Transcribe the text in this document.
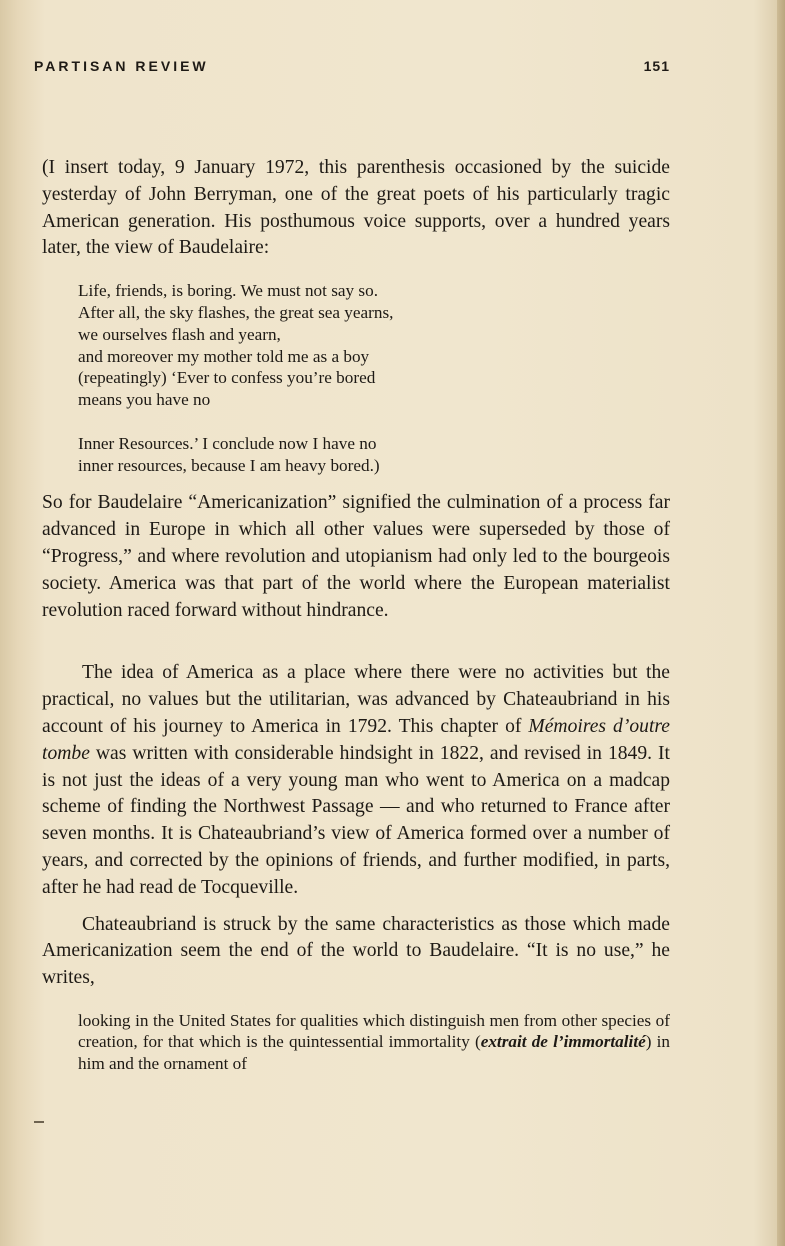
PARTISAN REVIEW	151

(I insert today, 9 January 1972, this parenthesis occasioned by the suicide yesterday of John Berryman, one of the great poets of his particularly tragic American generation. His posthumous voice supports, over a hundred years later, the view of Baudelaire:

Life, friends, is boring. We must not say so.
After all, the sky flashes, the great sea yearns,
we ourselves flash and yearn,
and moreover my mother told me as a boy
(repeatingly) ‘Ever to confess you’re bored
means you have no
Inner Resources.’ I conclude now I have no
inner resources, because I am heavy bored.)

So for Baudelaire “Americanization” signified the culmination of a process far advanced in Europe in which all other values were superseded by those of “Progress,” and where revolution and utopianism had only led to the bourgeois society. America was that part of the world where the European materialist revolution raced forward without hindrance.

The idea of America as a place where there were no activities but the practical, no values but the utilitarian, was advanced by Chateaubriand in his account of his journey to America in 1792. This chapter of Mémoires d’outre tombe was written with considerable hindsight in 1822, and revised in 1849. It is not just the ideas of a very young man who went to America on a madcap scheme of finding the Northwest Passage — and who returned to France after seven months. It is Chateaubriand’s view of America formed over a number of years, and corrected by the opinions of friends, and further modified, in parts, after he had read de Tocqueville.

Chateaubriand is struck by the same characteristics as those which made Americanization seem the end of the world to Baudelaire. “It is no use,” he writes,

looking in the United States for qualities which distinguish men from other species of creation, for that which is the quintessential immortality (extrait de l’immortalité) in him and the ornament of
